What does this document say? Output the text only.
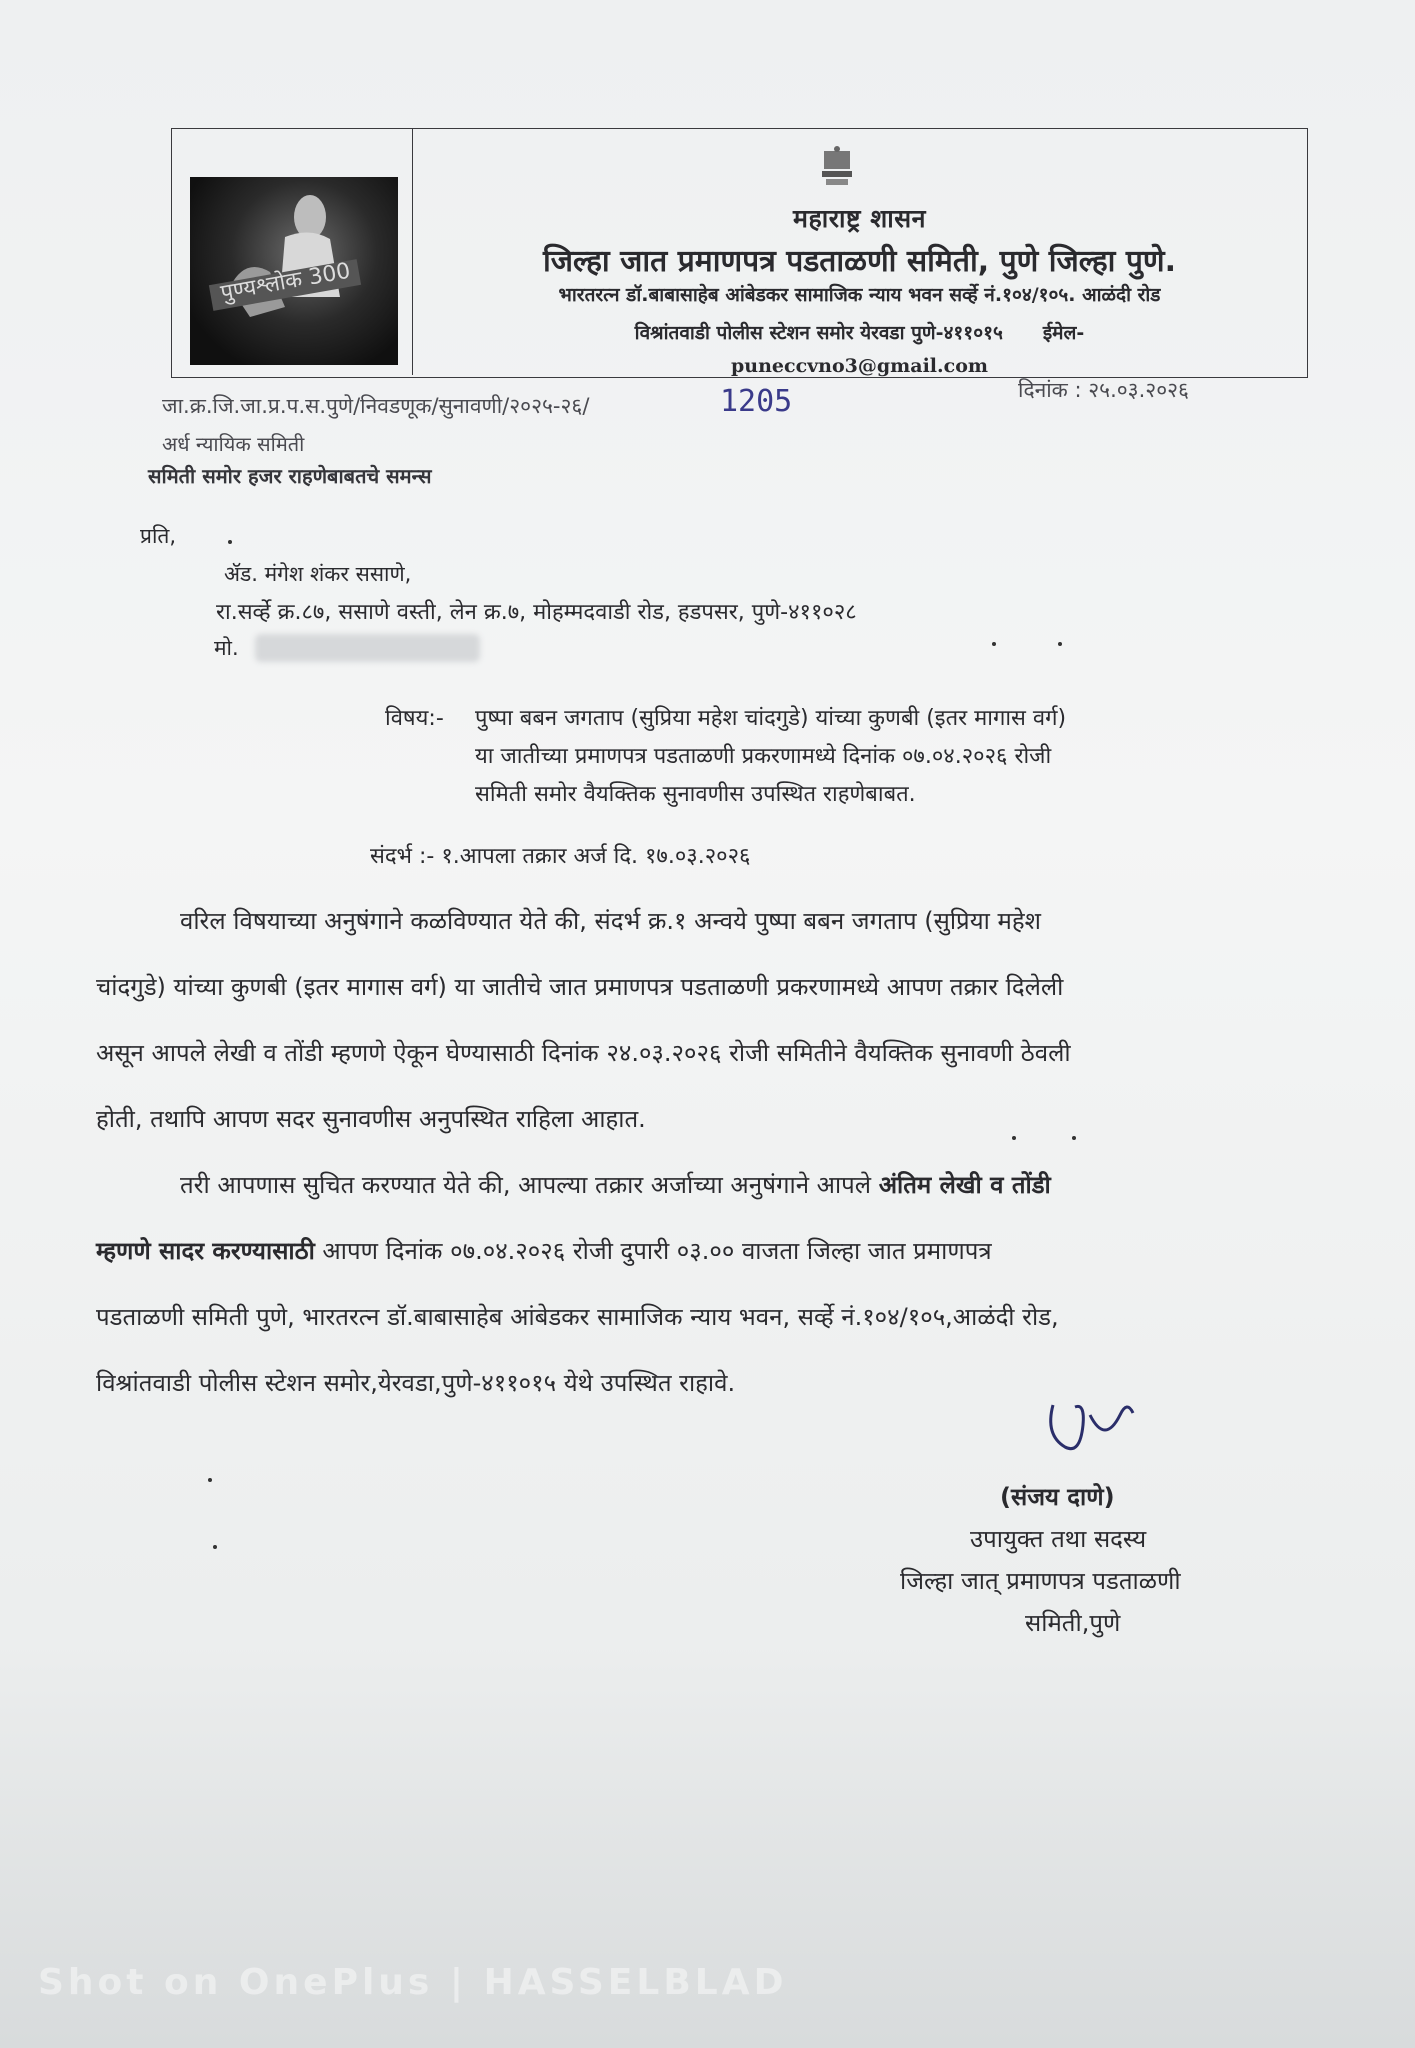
पुण्यश्लोक 300
महाराष्ट्र शासन
जिल्हा जात प्रमाणपत्र पडताळणी समिती, पुणे जिल्हा पुणे.
भारतरत्न डॉ.बाबासाहेब आंबेडकर सामाजिक न्याय भवन सर्व्हे नं.१०४/१०५. आळंदी रोड
विश्रांतवाडी पोलीस स्टेशन समोर येरवडा पुणे-४११०१५ ईमेल-
puneccvno3@gmail.com
जा.क्र.जि.जा.प्र.प.स.पुणे/निवडणूक/सुनावणी/२०२५-२६/	1205	दिनांक : २५.०३.२०२६
अर्ध न्यायिक समिती
समिती समोर हजर राहणेबाबतचे समन्स
प्रति,
ॲड. मंगेश शंकर ससाणे,
रा.सर्व्हे क्र.८७, ससाणे वस्ती, लेन क्र.७, मोहम्मदवाडी रोड, हडपसर, पुणे-४११०२८
मो.
विषय:- पुष्पा बबन जगताप (सुप्रिया महेश चांदगुडे) यांच्या कुणबी (इतर मागास वर्ग)
या जातीच्या प्रमाणपत्र पडताळणी प्रकरणामध्ये दिनांक ०७.०४.२०२६ रोजी
समिती समोर वैयक्तिक सुनावणीस उपस्थित राहणेबाबत.
संदर्भ :- १.आपला तक्रार अर्ज दि. १७.०३.२०२६
वरिल विषयाच्या अनुषंगाने कळविण्यात येते की, संदर्भ क्र.१ अन्वये पुष्पा बबन जगताप (सुप्रिया महेश
चांदगुडे) यांच्या कुणबी (इतर मागास वर्ग) या जातीचे जात प्रमाणपत्र पडताळणी प्रकरणामध्ये आपण तक्रार दिलेली
असून आपले लेखी व तोंडी म्हणणे ऐकून घेण्यासाठी दिनांक २४.०३.२०२६ रोजी समितीने वैयक्तिक सुनावणी ठेवली
होती, तथापि आपण सदर सुनावणीस अनुपस्थित राहिला आहात.
तरी आपणास सुचित करण्यात येते की, आपल्या तक्रार अर्जाच्या अनुषंगाने आपले अंतिम लेखी व तोंडी
म्हणणे सादर करण्यासाठी आपण दिनांक ०७.०४.२०२६ रोजी दुपारी ०३.०० वाजता जिल्हा जात प्रमाणपत्र
पडताळणी समिती पुणे, भारतरत्न डॉ.बाबासाहेब आंबेडकर सामाजिक न्याय भवन, सर्व्हे नं.१०४/१०५,आळंदी रोड,
विश्रांतवाडी पोलीस स्टेशन समोर,येरवडा,पुणे-४११०१५ येथे उपस्थित राहावे.
(संजय दाणे)
उपायुक्त तथा सदस्य
जिल्हा जात् प्रमाणपत्र पडताळणी
समिती,पुणे
Shot on OnePlus | HASSELBLAD
